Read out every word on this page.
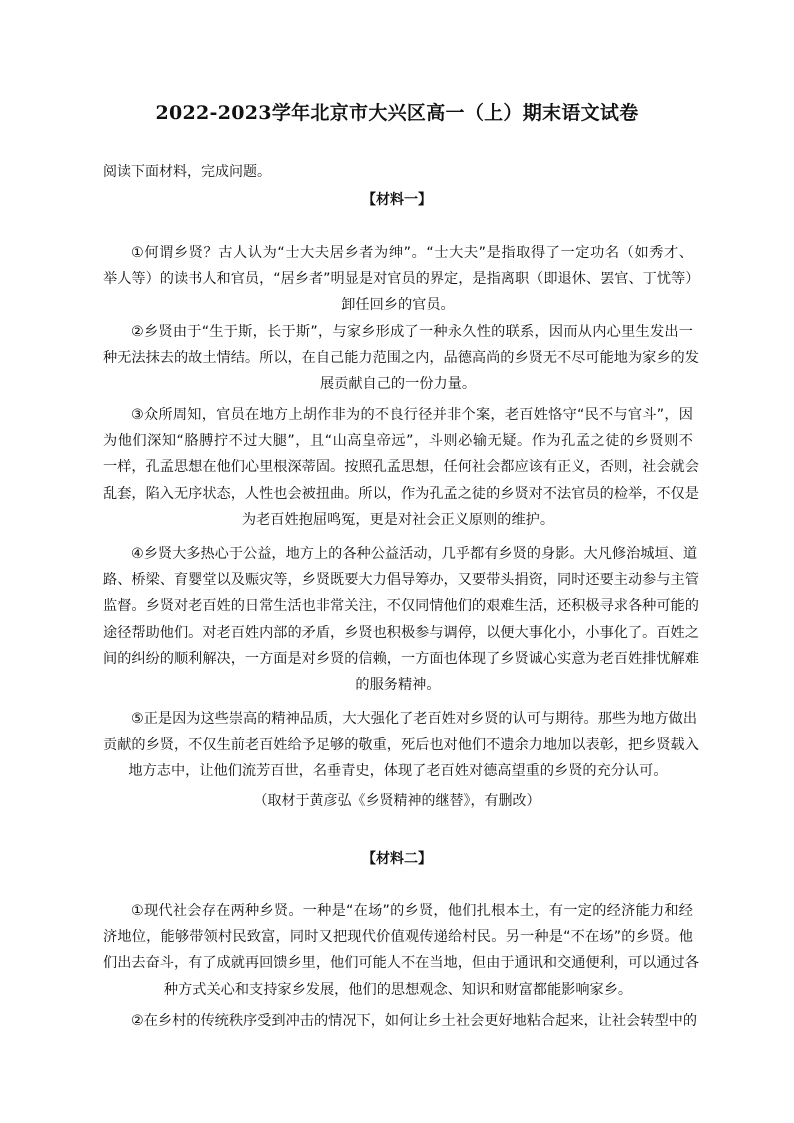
2022-2023学年北京市大兴区高一（上）期末语文试卷
阅读下面材料，完成问题。
【材料一】
①何谓乡贤？古人认为“士大夫居乡者为绅”。“士大夫”是指取得了一定功名（如秀才、
举人等）的读书人和官员，“居乡者”明显是对官员的界定，是指离职（即退休、罢官、丁忧等）
卸任回乡的官员。
②乡贤由于“生于斯，长于斯”，与家乡形成了一种永久性的联系，因而从内心里生发出一
种无法抹去的故土情结。所以，在自己能力范围之内，品德高尚的乡贤无不尽可能地为家乡的发
展贡献自己的一份力量。
③众所周知，官员在地方上胡作非为的不良行径并非个案，老百姓恪守“民不与官斗”，因
为他们深知“胳膊拧不过大腿”，且“山高皇帝远”，斗则必输无疑。作为孔孟之徒的乡贤则不
一样，孔孟思想在他们心里根深蒂固。按照孔孟思想，任何社会都应该有正义，否则，社会就会
乱套，陷入无序状态，人性也会被扭曲。所以，作为孔孟之徒的乡贤对不法官员的检举，不仅是
为老百姓抱屈鸣冤，更是对社会正义原则的维护。
④乡贤大多热心于公益，地方上的各种公益活动，几乎都有乡贤的身影。大凡修治城垣、道
路、桥梁、育婴堂以及赈灾等，乡贤既要大力倡导筹办，又要带头捐资，同时还要主动参与主管
监督。乡贤对老百姓的日常生活也非常关注，不仅同情他们的艰难生活，还积极寻求各种可能的
途径帮助他们。对老百姓内部的矛盾，乡贤也积极参与调停，以便大事化小，小事化了。百姓之
间的纠纷的顺利解决，一方面是对乡贤的信赖，一方面也体现了乡贤诚心实意为老百姓排忧解难
的服务精神。
⑤正是因为这些崇高的精神品质，大大强化了老百姓对乡贤的认可与期待。那些为地方做出
贡献的乡贤，不仅生前老百姓给予足够的敬重，死后也对他们不遗余力地加以表彰，把乡贤载入
地方志中，让他们流芳百世，名垂青史，体现了老百姓对德高望重的乡贤的充分认可。
（取材于黄彦弘《乡贤精神的继替》，有删改）
【材料二】
①现代社会存在两种乡贤。一种是“在场”的乡贤，他们扎根本土，有一定的经济能力和经
济地位，能够带领村民致富，同时又把现代价值观传递给村民。另一种是“不在场”的乡贤。他
们出去奋斗，有了成就再回馈乡里，他们可能人不在当地，但由于通讯和交通便利，可以通过各
种方式关心和支持家乡发展，他们的思想观念、知识和财富都能影响家乡。
②在乡村的传统秩序受到冲击的情况下，如何让乡土社会更好地粘合起来，让社会转型中的
